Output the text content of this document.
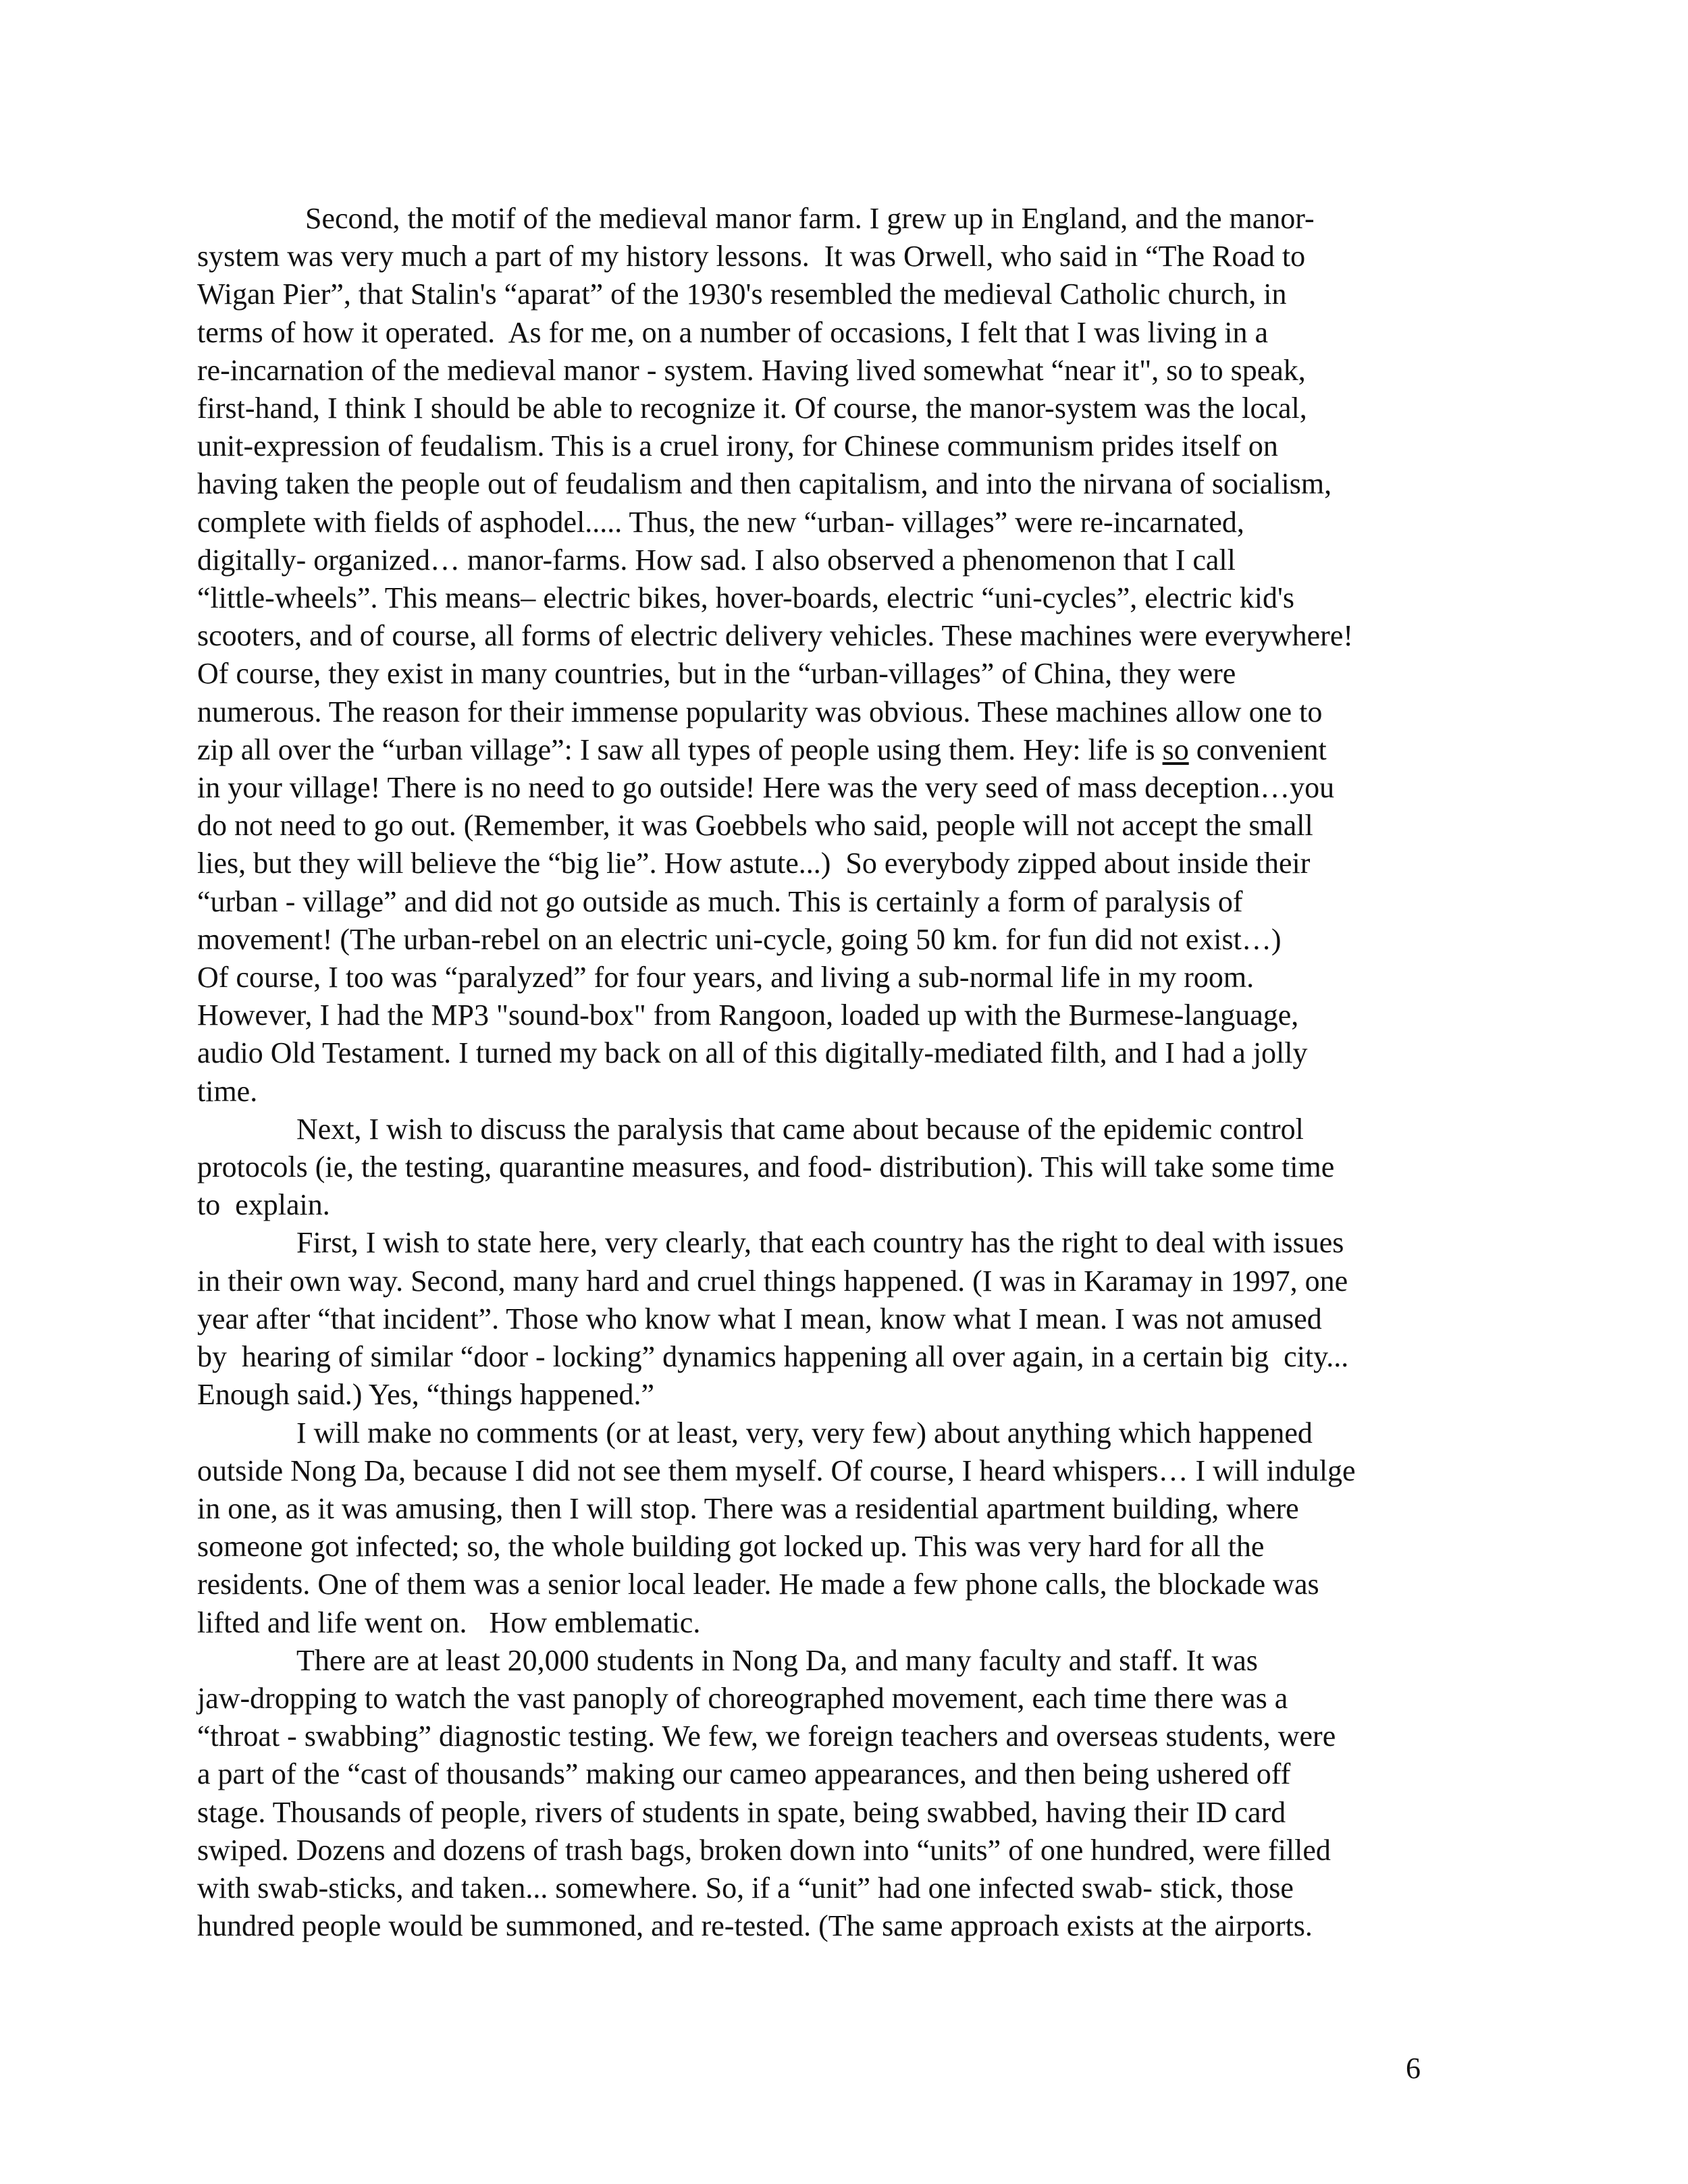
Second, the motif of the medieval manor farm. I grew up in England, and the manor-
system was very much a part of my history lessons.  It was Orwell, who said in “The Road to
Wigan Pier”, that Stalin's “aparat” of the 1930's resembled the medieval Catholic church, in
terms of how it operated.  As for me, on a number of occasions, I felt that I was living in a
re-incarnation of the medieval manor - system. Having lived somewhat “near it", so to speak,
first-hand, I think I should be able to recognize it. Of course, the manor-system was the local,
unit-expression of feudalism. This is a cruel irony, for Chinese communism prides itself on
having taken the people out of feudalism and then capitalism, and into the nirvana of socialism,
complete with fields of asphodel..... Thus, the new “urban- villages” were re-incarnated,
digitally- organized… manor-farms. How sad. I also observed a phenomenon that I call
“little-wheels”. This means– electric bikes, hover-boards, electric “uni-cycles”, electric kid's
scooters, and of course, all forms of electric delivery vehicles. These machines were everywhere!
Of course, they exist in many countries, but in the “urban-villages” of China, they were
numerous. The reason for their immense popularity was obvious. These machines allow one to
zip all over the “urban village”: I saw all types of people using them. Hey: life is so convenient
in your village! There is no need to go outside! Here was the very seed of mass deception…you
do not need to go out. (Remember, it was Goebbels who said, people will not accept the small
lies, but they will believe the “big lie”. How astute...)  So everybody zipped about inside their
“urban - village” and did not go outside as much. This is certainly a form of paralysis of
movement! (The urban-rebel on an electric uni-cycle, going 50 km. for fun did not exist…)
Of course, I too was “paralyzed” for four years, and living a sub-normal life in my room.
However, I had the MP3 "sound-box" from Rangoon, loaded up with the Burmese-language,
audio Old Testament. I turned my back on all of this digitally-mediated filth, and I had a jolly
time.
Next, I wish to discuss the paralysis that came about because of the epidemic control
protocols (ie, the testing, quarantine measures, and food- distribution). This will take some time
to  explain.
First, I wish to state here, very clearly, that each country has the right to deal with issues
in their own way. Second, many hard and cruel things happened. (I was in Karamay in 1997, one
year after “that incident”. Those who know what I mean, know what I mean. I was not amused
by  hearing of similar “door - locking” dynamics happening all over again, in a certain big  city...
Enough said.) Yes, “things happened.”
I will make no comments (or at least, very, very few) about anything which happened
outside Nong Da, because I did not see them myself. Of course, I heard whispers… I will indulge
in one, as it was amusing, then I will stop. There was a residential apartment building, where
someone got infected; so, the whole building got locked up. This was very hard for all the
residents. One of them was a senior local leader. He made a few phone calls, the blockade was
lifted and life went on.   How emblematic.
There are at least 20,000 students in Nong Da, and many faculty and staff. It was
jaw-dropping to watch the vast panoply of choreographed movement, each time there was a
“throat - swabbing” diagnostic testing. We few, we foreign teachers and overseas students, were
a part of the “cast of thousands” making our cameo appearances, and then being ushered off
stage. Thousands of people, rivers of students in spate, being swabbed, having their ID card
swiped. Dozens and dozens of trash bags, broken down into “units” of one hundred, were filled
with swab-sticks, and taken... somewhere. So, if a “unit” had one infected swab- stick, those
hundred people would be summoned, and re-tested. (The same approach exists at the airports.
6
